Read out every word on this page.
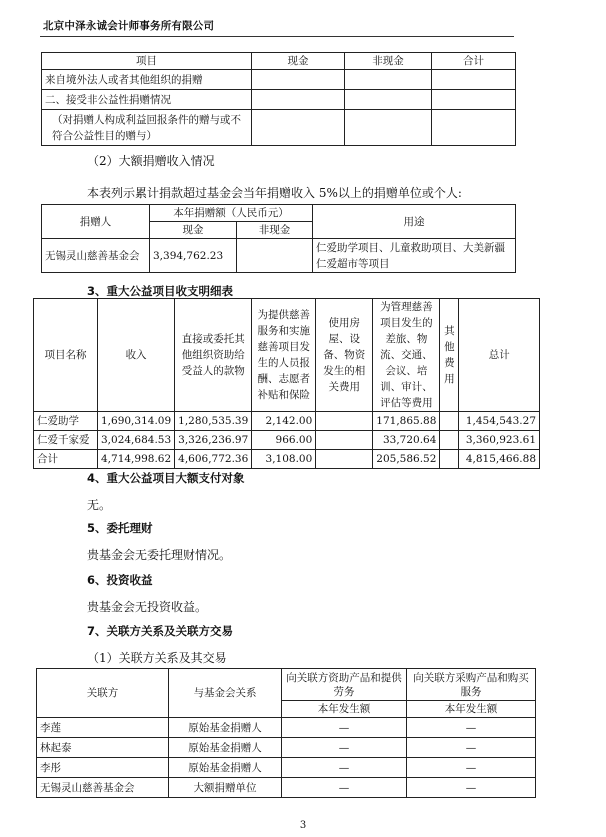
北京中泽永诚会计师事务所有限公司
项目	现金	非现金	合计
来自境外法人或者其他组织的捐赠			
二、接受非公益性捐赠情况			
（对捐赠人构成利益回报条件的赠与或不符合公益性目的赠与）			
（2）大额捐赠收入情况
本表列示累计捐款超过基金会当年捐赠收入 5%以上的捐赠单位或个人:
捐赠人	本年捐赠额（人民币元）		用途
	现金	非现金	
无锡灵山慈善基金会	3,394,762.23		仁爱助学项目、儿童救助项目、大美新疆仁爱超市等项目
3、重大公益项目收支明细表
项目名称	收入	直接或委托其他组织资助给受益人的款物	为提供慈善服务和实施慈善项目发生的人员报酬、志愿者补贴和保险	使用房屋、设备、物资发生的相关费用	为管理慈善项目发生的差旅、物流、交通、会议、培训、审计、评估等费用	其他费用	总计
仁爱助学	1,690,314.09	1,280,535.39	2,142.00		171,865.88		1,454,543.27
仁爱千家爱	3,024,684.53	3,326,236.97	966.00		33,720.64		3,360,923.61
合计	4,714,998.62	4,606,772.36	3,108.00		205,586.52		4,815,466.88
4、重大公益项目大额支付对象
无。
5、委托理财
贵基金会无委托理财情况。
6、投资收益
贵基金会无投资收益。
7、关联方关系及关联方交易
（1）关联方关系及其交易
关联方	与基金会关系	向关联方资助产品和提供劳务	向关联方采购产品和购买服务
		本年发生额	本年发生额
李莲	原始基金捐赠人	—	—
林起泰	原始基金捐赠人	—	—
李彤	原始基金捐赠人	—	—
无锡灵山慈善基金会	大额捐赠单位	—	—
3
